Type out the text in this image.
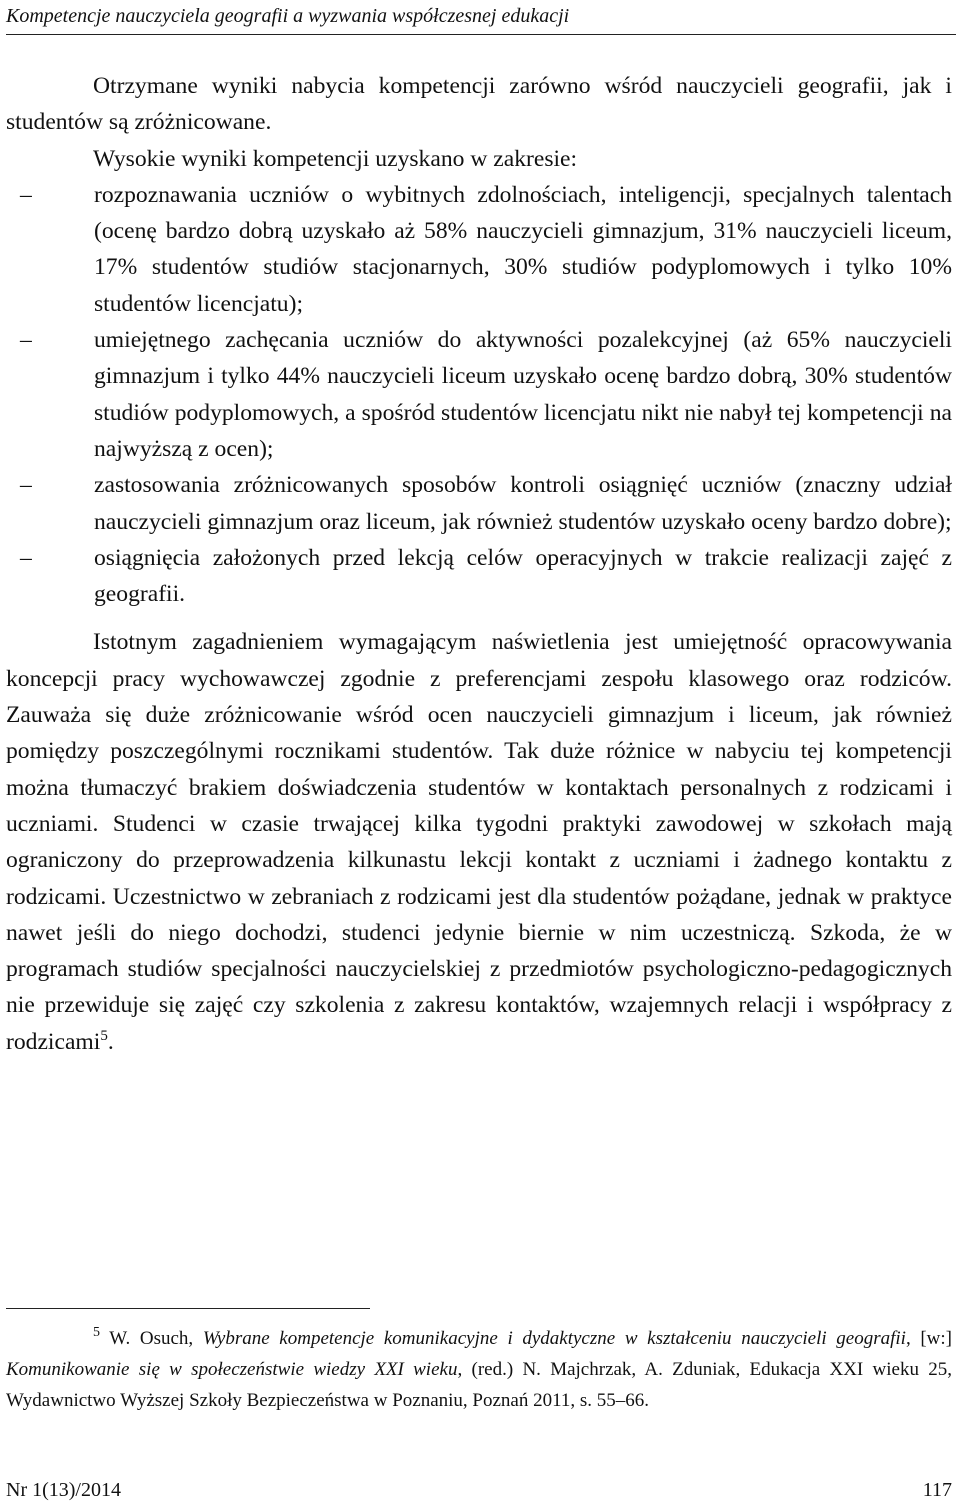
Kompetencje nauczyciela geografii a wyzwania współczesnej edukacji

Otrzymane wyniki nabycia kompetencji zarówno wśród nauczycieli geografii, jak i studentów są zróżnicowane.

Wysokie wyniki kompetencji uzyskano w zakresie:

–	rozpoznawania uczniów o wybitnych zdolnościach, inteligencji, specjalnych talentach (ocenę bardzo dobrą uzyskało aż 58% nauczycieli gimnazjum, 31% nauczycieli liceum, 17% studentów studiów stacjonarnych, 30% studiów podyplomowych i tylko 10% studentów licencjatu);
–	umiejętnego zachęcania uczniów do aktywności pozalekcyjnej (aż 65% nauczycieli gimnazjum i tylko 44% nauczycieli liceum uzyskało ocenę bardzo dobrą, 30% studentów studiów podyplomowych, a spośród studentów licencjatu nikt nie nabył tej kompetencji na najwyższą z ocen);
–	zastosowania zróżnicowanych sposobów kontroli osiągnięć uczniów (znaczny udział nauczycieli gimnazjum oraz liceum, jak również studentów uzyskało oceny bardzo dobre);
–	osiągnięcia założonych przed lekcją celów operacyjnych w trakcie realizacji zajęć z geografii.

Istotnym zagadnieniem wymagającym naświetlenia jest umiejętność opracowywania koncepcji pracy wychowawczej zgodnie z preferencjami zespołu klasowego oraz rodziców. Zauważa się duże zróżnicowanie wśród ocen nauczycieli gimnazjum i liceum, jak również pomiędzy poszczególnymi rocznikami studentów. Tak duże różnice w nabyciu tej kompetencji można tłumaczyć brakiem doświadczenia studentów w kontaktach personalnych z rodzicami i uczniami. Studenci w czasie trwającej kilka tygodni praktyki zawodowej w szkołach mają ograniczony do przeprowadzenia kilkunastu lekcji kontakt z uczniami i żadnego kontaktu z rodzicami. Uczestnictwo w zebraniach z rodzicami jest dla studentów pożądane, jednak w praktyce nawet jeśli do niego dochodzi, studenci jedynie biernie w nim uczestniczą. Szkoda, że w programach studiów specjalności nauczycielskiej z przedmiotów psychologiczno-pedagogicznych nie przewiduje się zajęć czy szkolenia z zakresu kontaktów, wzajemnych relacji i współpracy z rodzicami$^5$.

$^5$ W. Osuch, Wybrane kompetencje komunikacyjne i dydaktyczne w kształceniu nauczycieli geografii, [w:] Komunikowanie się w społeczeństwie wiedzy XXI wieku, (red.) N. Majchrzak, A. Zduniak, Edukacja XXI wieku 25, Wydawnictwo Wyższej Szkoły Bezpieczeństwa w Poznaniu, Poznań 2011, s. 55–66.

Nr 1(13)/2014	117
